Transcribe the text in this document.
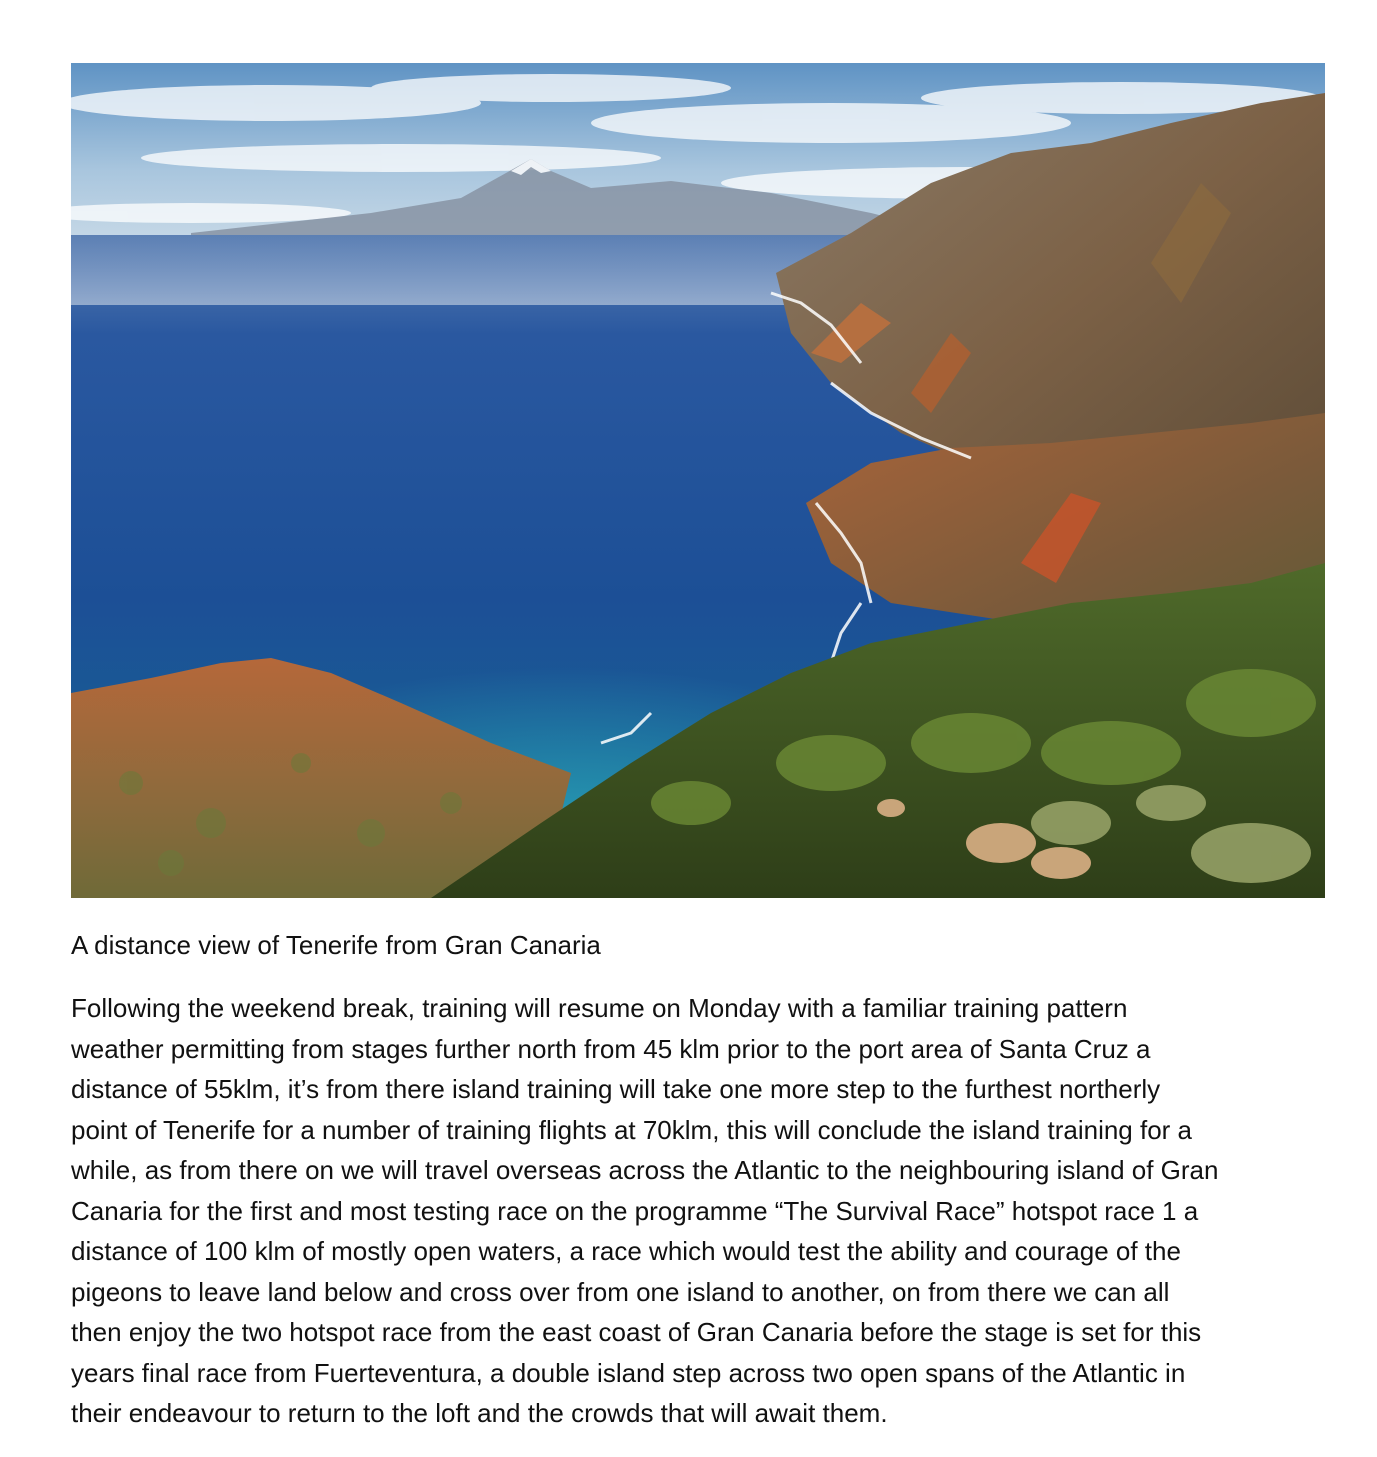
A distance view of Tenerife from Gran Canaria

Following the weekend break, training will resume on Monday with a familiar training pattern
weather permitting from stages further north from 45 klm prior to the port area of Santa Cruz a
distance of 55klm, it’s from there island training will take one more step to the furthest northerly
point of Tenerife for a number of training flights at 70klm, this will conclude the island training for a
while, as from there on we will travel overseas across the Atlantic to the neighbouring island of Gran
Canaria for the first and most testing race on the programme “The Survival Race” hotspot race 1 a
distance of 100 klm of mostly open waters, a race which would test the ability and courage of the
pigeons to leave land below and cross over from one island to another, on from there we can all
then enjoy the two hotspot race from the east coast of Gran Canaria before the stage is set for this
years final race from Fuerteventura, a double island step across two open spans of the Atlantic in
their endeavour to return to the loft and the crowds that will await them.
